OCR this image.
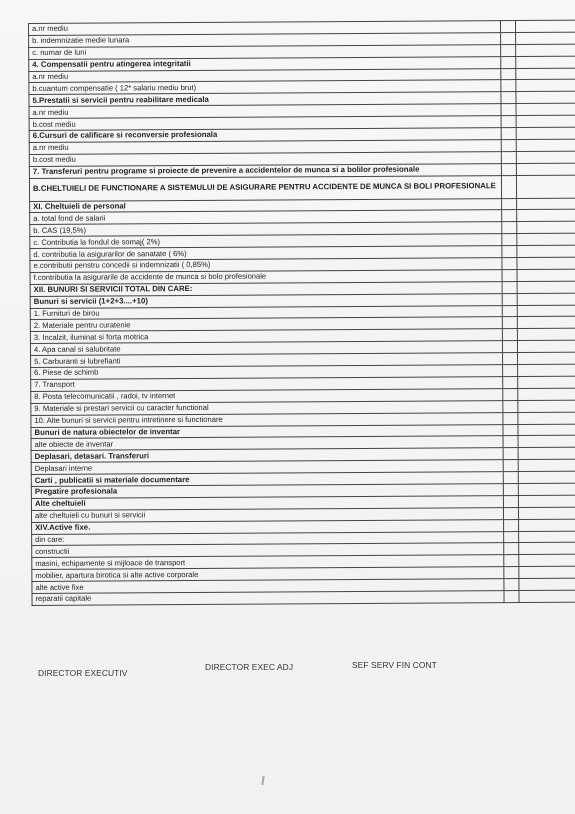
a.nr mediu		
b. indemnizatie medie lunara		
c. numar de luni		
4. Compensatii pentru atingerea integritatii		
a.nr mediu		
b.cuantum compensatie ( 12* salariu mediu brut)		
5.Prestatii si servicii pentru reabilitare medicala		
a.nr mediu		
b.cost mediu		
6.Cursuri de calificare si reconversie profesionala		
a.nr mediu		
b.cost mediu		
7. Transferuri pentru programe si proiecte de prevenire a accidentelor de munca si a bolilor profesionale		
B.CHELTUIELI DE FUNCTIONARE A SISTEMULUI DE ASIGURARE PENTRU ACCIDENTE DE MUNCA SI BOLI PROFESIONALE		
XI. Cheltuieli de personal		
a. total fond de salarii		
b. CAS (19,5%)		
c. Contributia la fondul de somaj( 2%)		
d. contributia la asigurarilor de sanatate ( 6%)		
e.contributii penstru concedii si indemnizatii ( 0,85%)		
f.contributia la asigurarile de accidente de munca si bolo profesionale		
XII. BUNURI SI SERVICII TOTAL DIN CARE:		
Bunuri si servicii (1+2+3....+10)		
1. Furnituri de birou		
2. Materiale pentru curatenie		
3. Incalzit, iluminat si forta motrica		
4. Apa canal si salubritate		
5. Carburanti si lubrefianti		
6. Piese de schimb		
7. Transport		
8. Posta telecomunicatii , radoi, tv internet		
9. Materiale si prestari servicii cu caracter functional		
10. Alte bunuri si servicii pentru intretinere si functionare		
Bunuri de natura obiectelor de inventar		
alte obiecte de inventar		
Deplasari, detasari. Transferuri		
Deplasari interne		
Carti , publicatii si materiale documentare		
Pregatire profesionala		
Alte cheltuieli		
alte cheltuieli cu bunuri si servicii		
XIV.Active fixe.		
din care:		
constructii		
masini, echipamente si mijloace de transport		
mobilier, apartura birotica si alte active corporale		
alte active fixe		
reparatii capitale		
DIRECTOR EXECUTIV
DIRECTOR EXEC ADJ	SEF SERV FIN CONT
